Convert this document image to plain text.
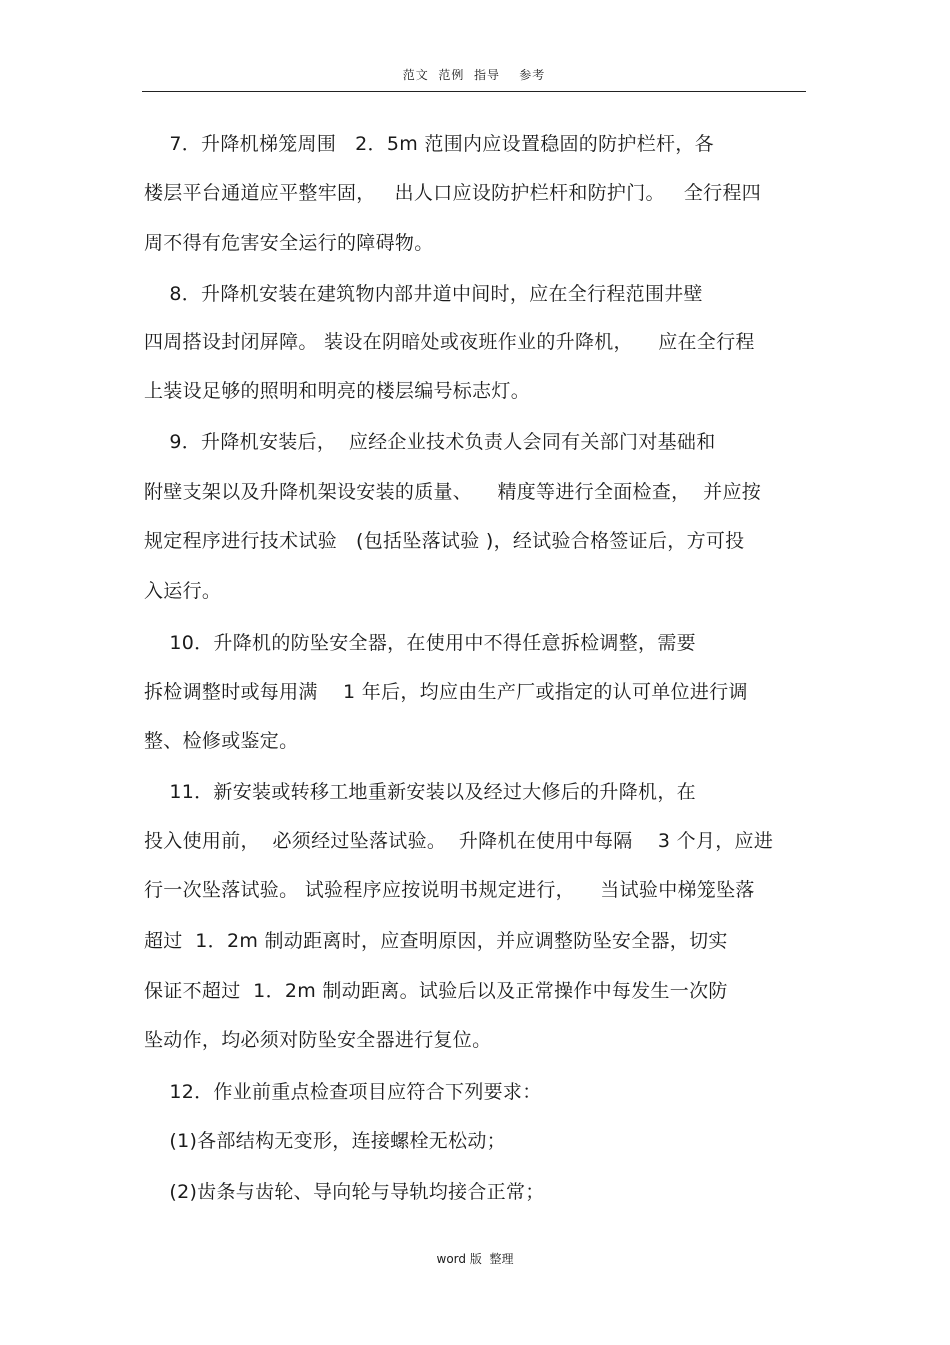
范文  范例  指导    参考
7．升降机梯笼周围   2．5m 范围内应设置稳固的防护栏杆，各
楼层平台通道应平整牢固，   出人口应设防护栏杆和防护门。   全行程四
周不得有危害安全运行的障碍物。
8．升降机安装在建筑物内部井道中间时，应在全行程范围井壁
四周搭设封闭屏障。 装设在阴暗处或夜班作业的升降机，    应在全行程
上装设足够的照明和明亮的楼层编号标志灯。
9．升降机安装后，  应经企业技术负责人会同有关部门对基础和
附壁支架以及升降机架设安装的质量、    精度等进行全面检查，  并应按
规定程序进行技术试验   (包括坠落试验 )，经试验合格签证后，方可投
入运行。
10．升降机的防坠安全器，在使用中不得任意拆检调整，需要
拆检调整时或每用满    1 年后，均应由生产厂或指定的认可单位进行调
整、检修或鉴定。
11．新安装或转移工地重新安装以及经过大修后的升降机，在
投入使用前，  必须经过坠落试验。  升降机在使用中每隔    3 个月，应进
行一次坠落试验。 试验程序应按说明书规定进行，    当试验中梯笼坠落
超过  1．2m 制动距离时，应查明原因，并应调整防坠安全器，切实
保证不超过  1．2m 制动距离。试验后以及正常操作中每发生一次防
坠动作，均必须对防坠安全器进行复位。
12．作业前重点检查项目应符合下列要求：
(1)各部结构无变形，连接螺栓无松动；
(2)齿条与齿轮、导向轮与导轨均接合正常；
word 版  整理
